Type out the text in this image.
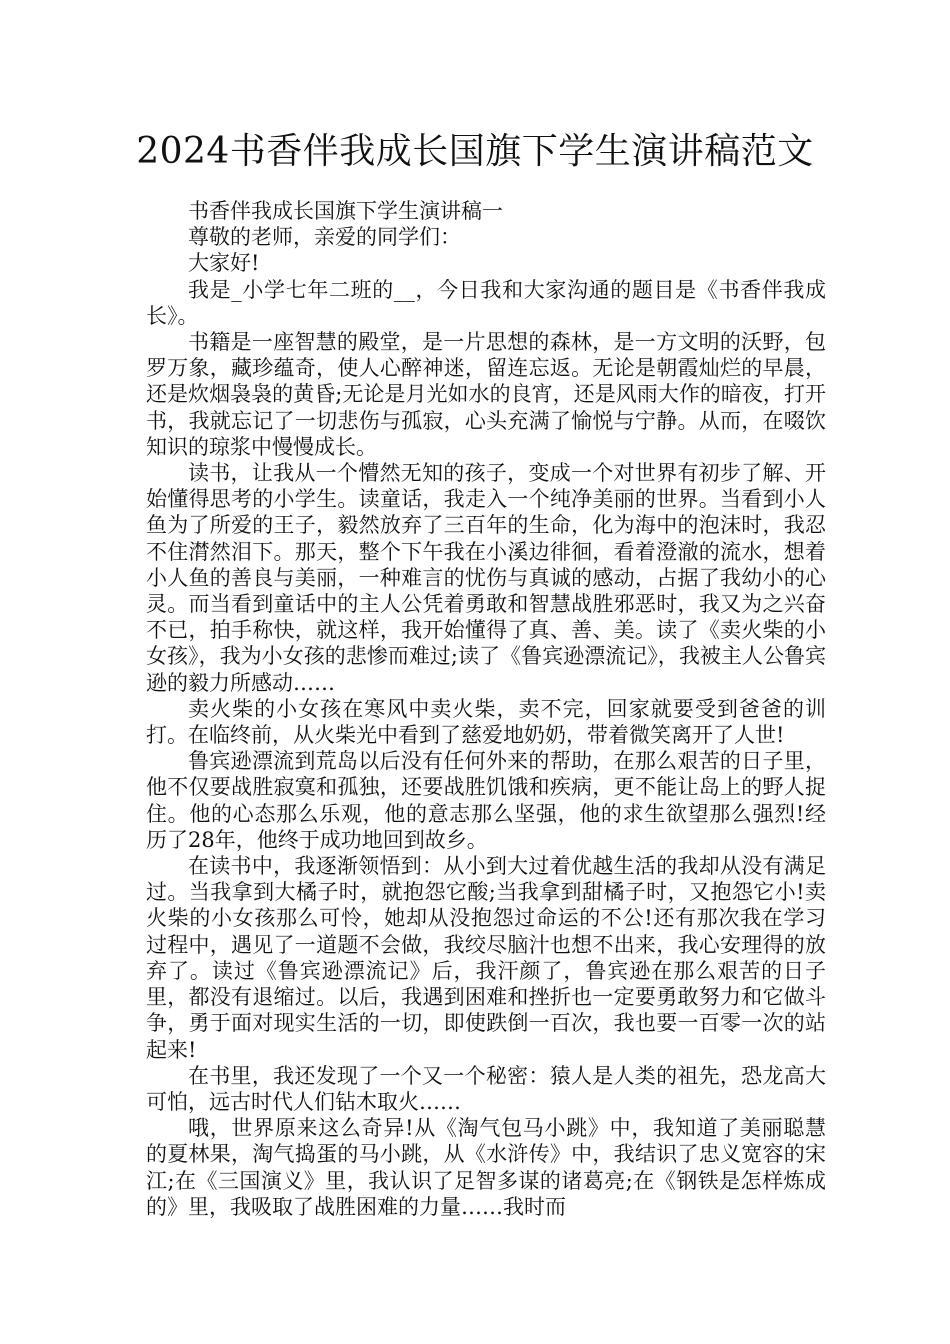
2024书香伴我成长国旗下学生演讲稿范文

书香伴我成长国旗下学生演讲稿一

尊敬的老师，亲爱的同学们：

大家好!

我是_小学七年二班的__，今日我和大家沟通的题目是《书香伴我成长》。

书籍是一座智慧的殿堂，是一片思想的森林，是一方文明的沃野，包罗万象，藏珍蕴奇，使人心醉神迷，留连忘返。无论是朝霞灿烂的早晨，还是炊烟袅袅的黄昏;无论是月光如水的良宵，还是风雨大作的暗夜，打开书，我就忘记了一切悲伤与孤寂，心头充满了愉悦与宁静。从而，在啜饮知识的琼浆中慢慢成长。

读书，让我从一个懵然无知的孩子，变成一个对世界有初步了解、开始懂得思考的小学生。读童话，我走入一个纯净美丽的世界。当看到小人鱼为了所爱的王子，毅然放弃了三百年的生命，化为海中的泡沫时，我忍不住潸然泪下。那天，整个下午我在小溪边徘徊，看着澄澈的流水，想着小人鱼的善良与美丽，一种难言的忧伤与真诚的感动，占据了我幼小的心灵。而当看到童话中的主人公凭着勇敢和智慧战胜邪恶时，我又为之兴奋不已，拍手称快，就这样，我开始懂得了真、善、美。读了《卖火柴的小女孩》，我为小女孩的悲惨而难过;读了《鲁宾逊漂流记》，我被主人公鲁宾逊的毅力所感动……

卖火柴的小女孩在寒风中卖火柴，卖不完，回家就要受到爸爸的训打。在临终前，从火柴光中看到了慈爱地奶奶，带着微笑离开了人世!

鲁宾逊漂流到荒岛以后没有任何外来的帮助，在那么艰苦的日子里，他不仅要战胜寂寞和孤独，还要战胜饥饿和疾病，更不能让岛上的野人捉住。他的心态那么乐观，他的意志那么坚强，他的求生欲望那么强烈!经历了28年，他终于成功地回到故乡。

在读书中，我逐渐领悟到：从小到大过着优越生活的我却从没有满足过。当我拿到大橘子时，就抱怨它酸;当我拿到甜橘子时，又抱怨它小!卖火柴的小女孩那么可怜，她却从没抱怨过命运的不公!还有那次我在学习过程中，遇见了一道题不会做，我绞尽脑汁也想不出来，我心安理得的放弃了。读过《鲁宾逊漂流记》后，我汗颜了，鲁宾逊在那么艰苦的日子里，都没有退缩过。以后，我遇到困难和挫折也一定要勇敢努力和它做斗争，勇于面对现实生活的一切，即使跌倒一百次，我也要一百零一次的站起来!

在书里，我还发现了一个又一个秘密：猿人是人类的祖先，恐龙高大可怕，远古时代人们钻木取火……

哦，世界原来这么奇异!从《淘气包马小跳》中，我知道了美丽聪慧的夏林果，淘气捣蛋的马小跳，从《水浒传》中，我结识了忠义宽容的宋江;在《三国演义》里，我认识了足智多谋的诸葛亮;在《钢铁是怎样炼成的》里，我吸取了战胜困难的力量……我时而
